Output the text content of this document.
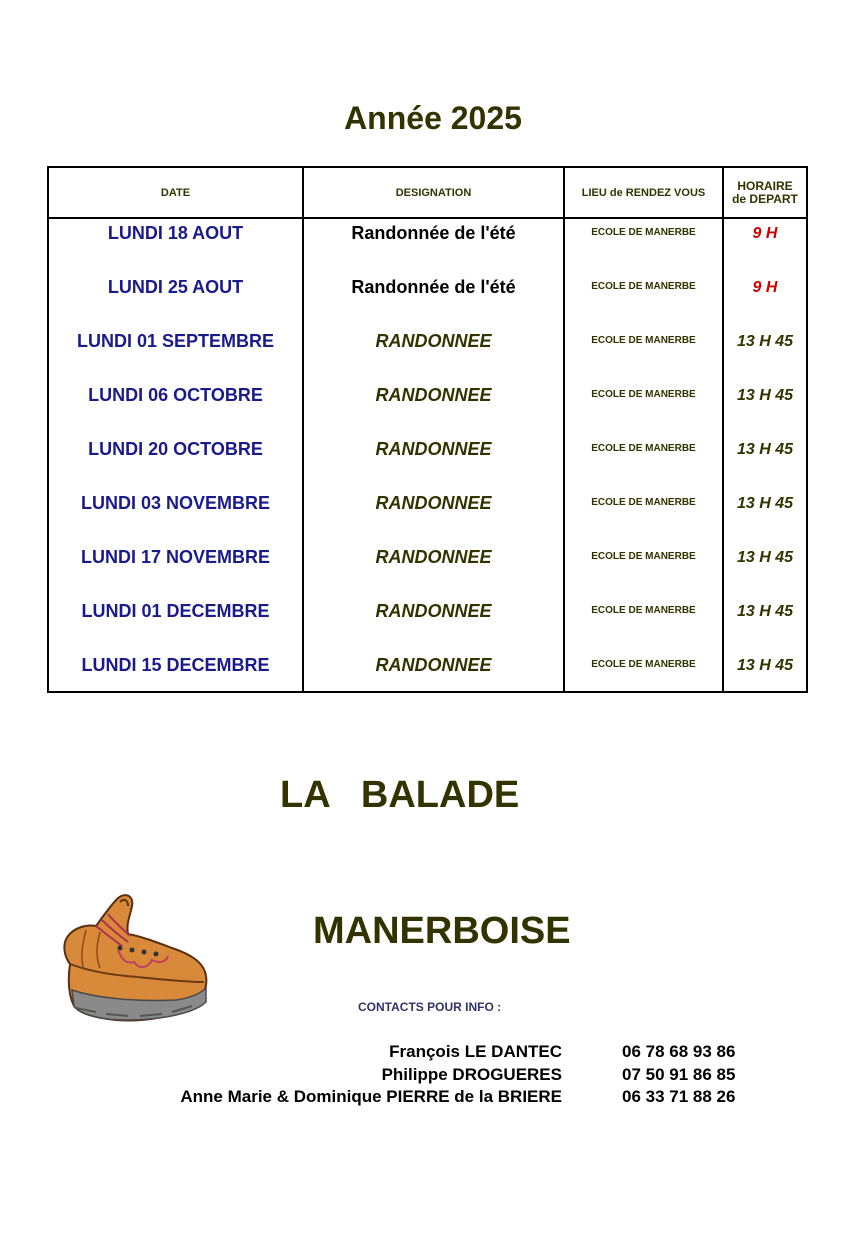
Année 2025
DATE	DESIGNATION	LIEU de RENDEZ VOUS	HORAIRE
de DEPART
LUNDI 18 AOUT	Randonnée de l'été	ECOLE DE MANERBE	9 H
LUNDI 25 AOUT	Randonnée de l'été	ECOLE DE MANERBE	9 H
LUNDI 01 SEPTEMBRE	RANDONNEE	ECOLE DE MANERBE	13 H 45
LUNDI 06 OCTOBRE	RANDONNEE	ECOLE DE MANERBE	13 H 45
LUNDI 20 OCTOBRE	RANDONNEE	ECOLE DE MANERBE	13 H 45
LUNDI 03 NOVEMBRE	RANDONNEE	ECOLE DE MANERBE	13 H 45
LUNDI 17 NOVEMBRE	RANDONNEE	ECOLE DE MANERBE	13 H 45
LUNDI 01 DECEMBRE	RANDONNEE	ECOLE DE MANERBE	13 H 45
LUNDI 15 DECEMBRE	RANDONNEE	ECOLE DE MANERBE	13 H 45
LA   BALADE
MANERBOISE
CONTACTS POUR INFO :
François LE DANTEC	06 78 68 93 86
Philippe DROGUERES	07 50 91 86 85
Anne Marie & Dominique PIERRE de la BRIERE	06 33 71 88 26
